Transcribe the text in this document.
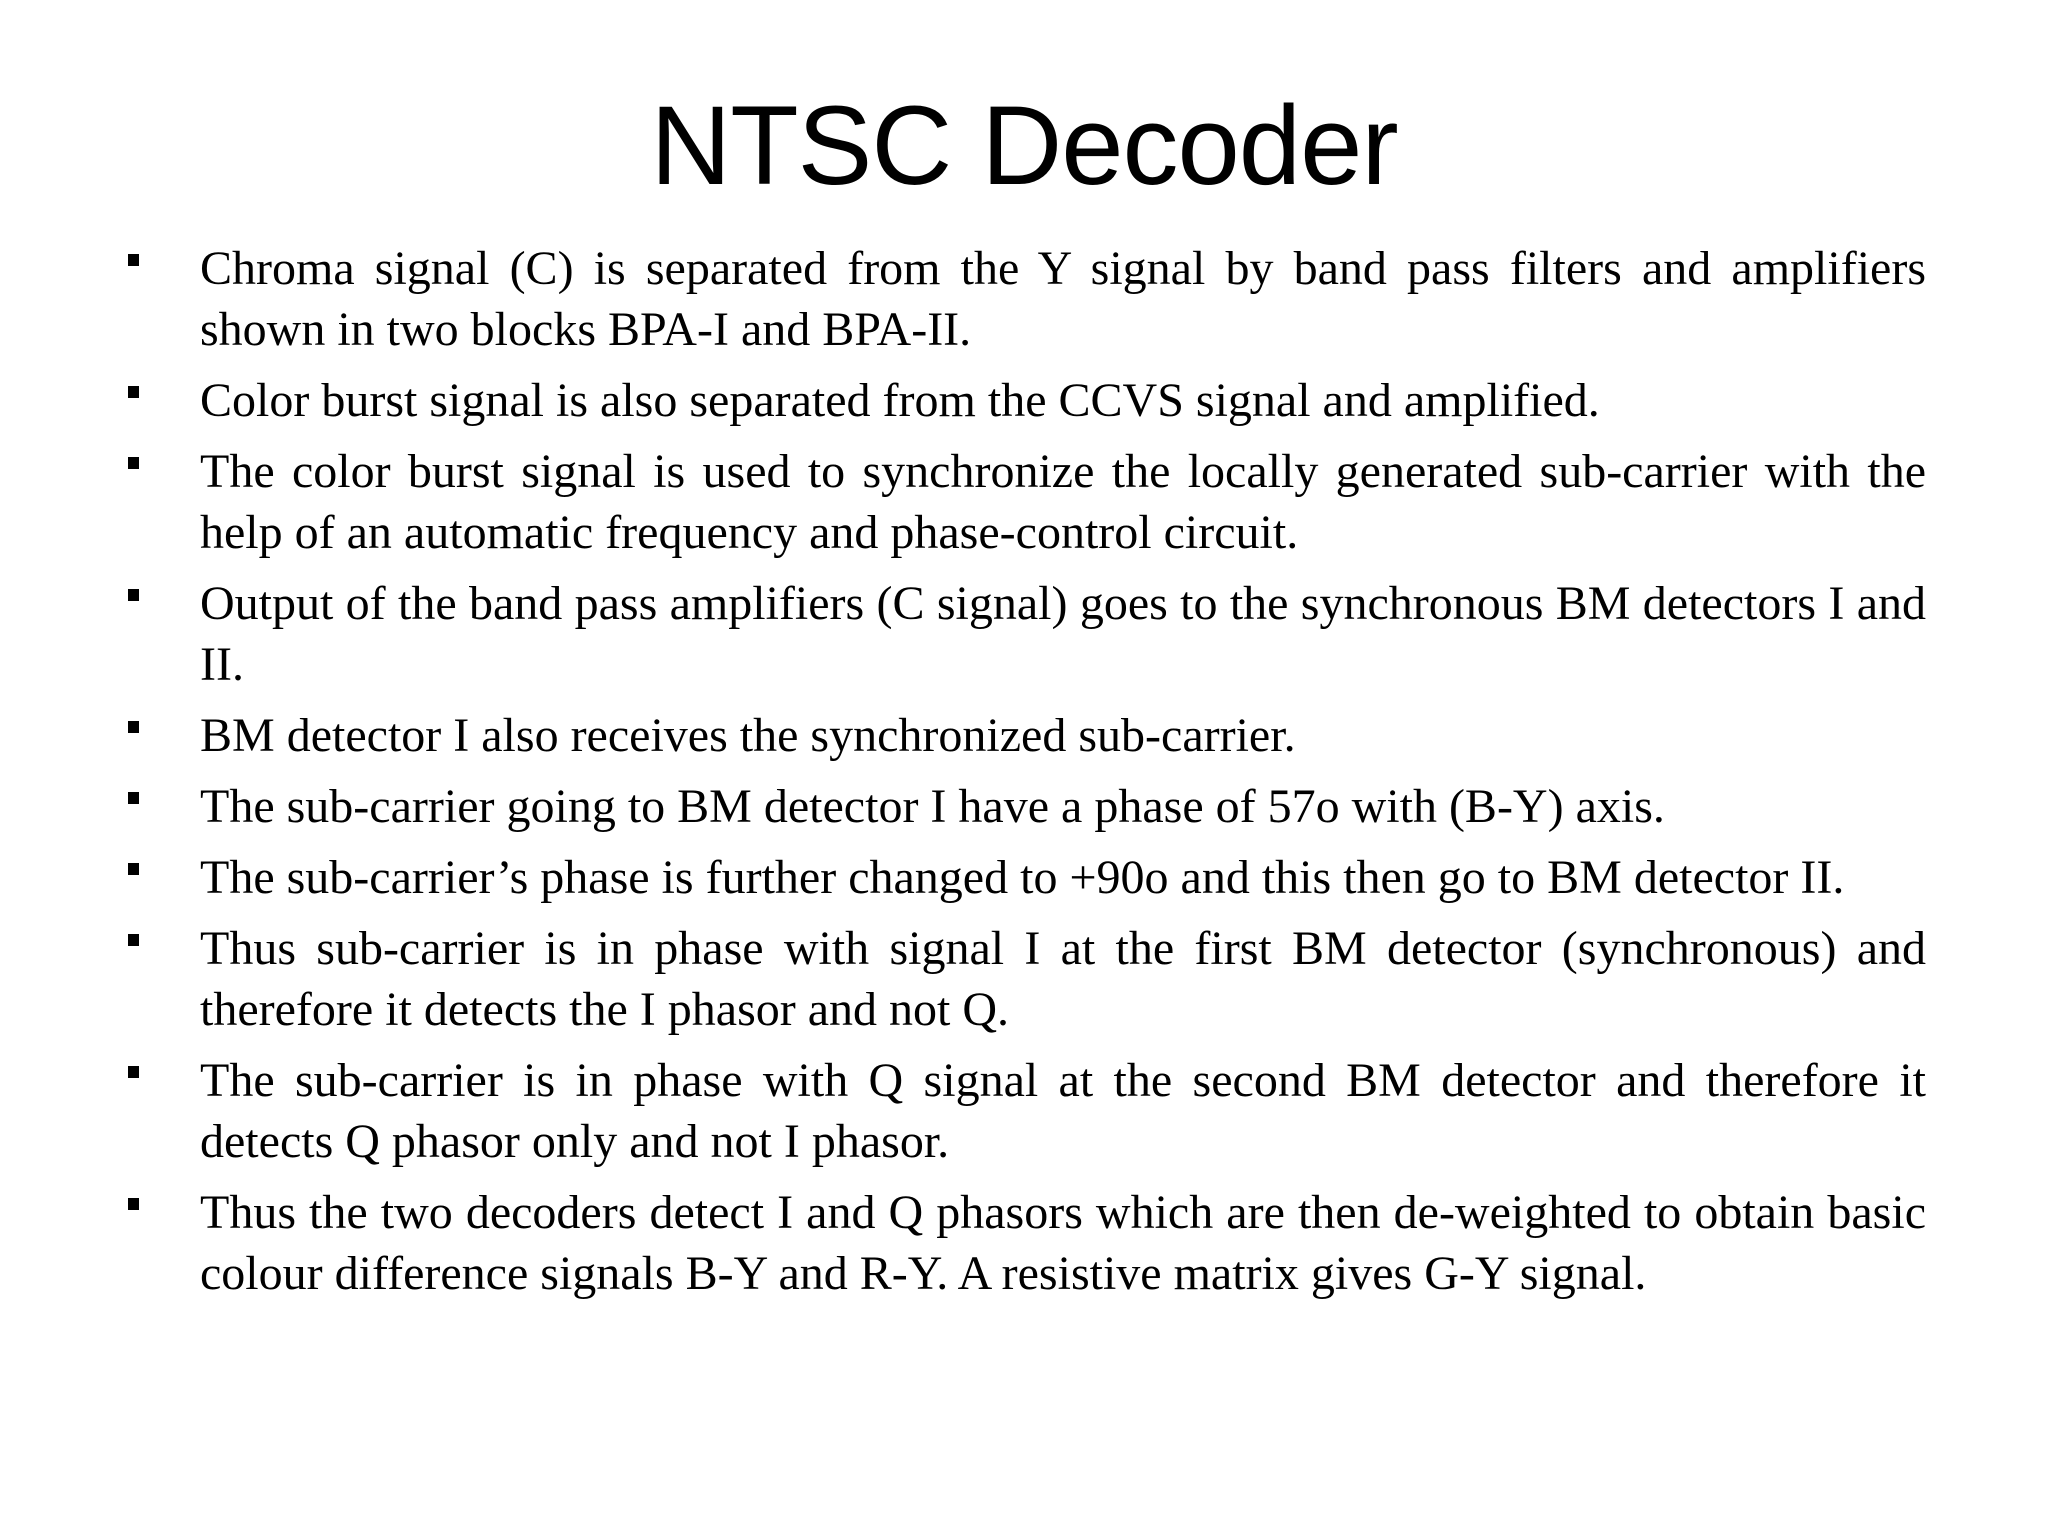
NTSC Decoder
Chroma signal (C) is separated from the Y signal by band pass filters and amplifiers shown in two blocks BPA-I and BPA-II.
Color burst signal is also separated from the CCVS signal and amplified.
The color burst signal is used to synchronize the locally generated sub-carrier with the help of an automatic frequency and phase-control circuit.
Output of the band pass amplifiers (C signal) goes to the synchronous BM detectors I and II.
BM detector I also receives the synchronized sub-carrier.
The sub-carrier going to BM detector I have a phase of 57o with (B-Y) axis.
The sub-carrier’s phase is further changed to +90o and this then go to BM detector II.
Thus sub-carrier is in phase with signal I at the first BM detector (synchronous) and therefore it detects the I phasor and not Q.
The sub-carrier is in phase with Q signal at the second BM detector and therefore it detects Q phasor only and not I phasor.
Thus the two decoders detect I and Q phasors which are then de-weighted to obtain basic colour difference signals B-Y and R-Y. A resistive matrix gives G-Y signal.
